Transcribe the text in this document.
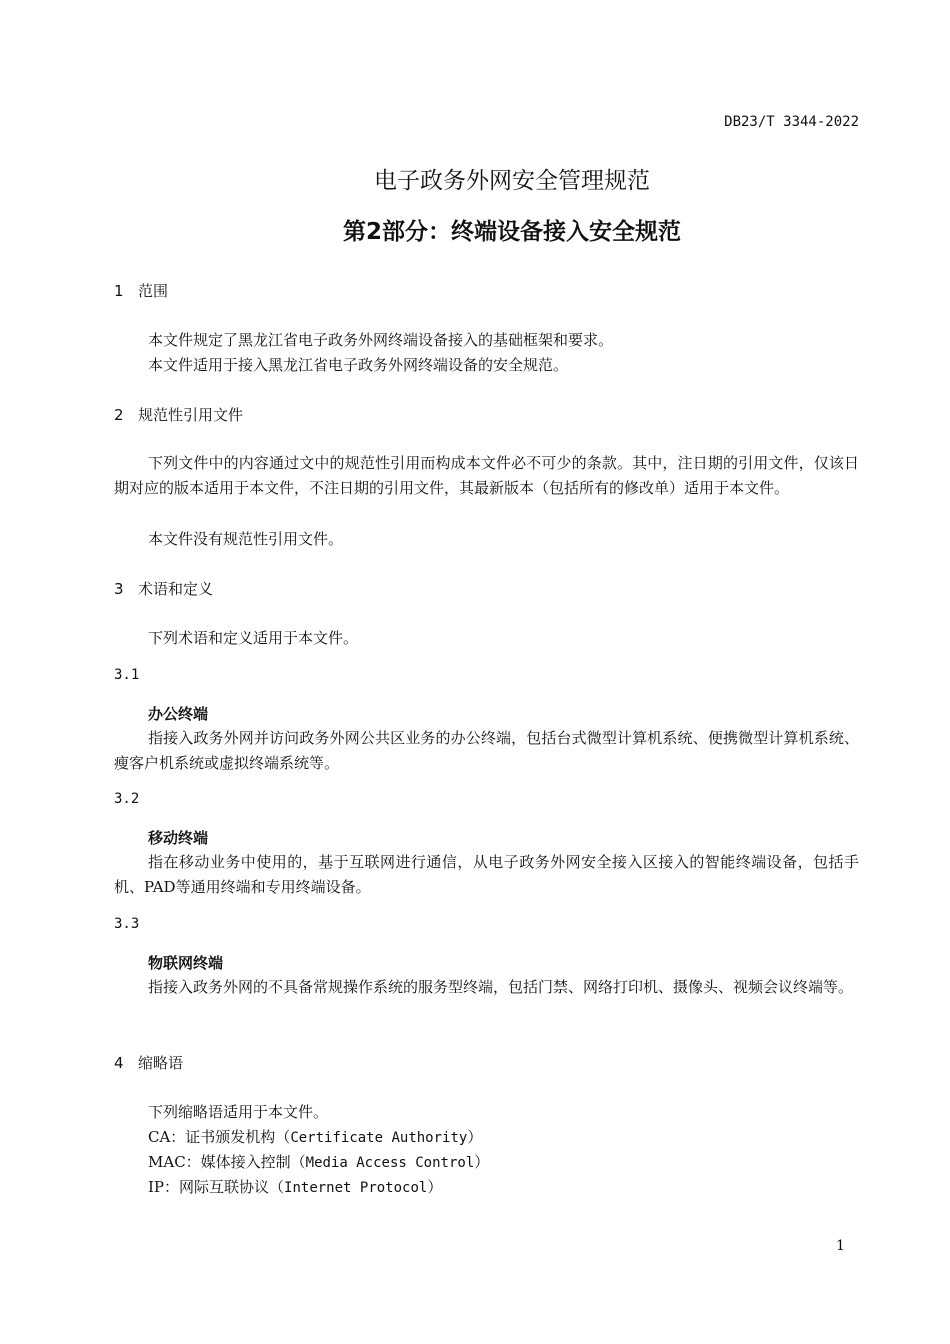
DB23/T 3344-2022
电子政务外网安全管理规范
第2部分：终端设备接入安全规范
1 范围
本文件规定了黑龙江省电子政务外网终端设备接入的基础框架和要求。
本文件适用于接入黑龙江省电子政务外网终端设备的安全规范。
2 规范性引用文件
下列文件中的内容通过文中的规范性引用而构成本文件必不可少的条款。其中，注日期的引用文件，仅该日期对应的版本适用于本文件，不注日期的引用文件，其最新版本（包括所有的修改单）适用于本文件。
本文件没有规范性引用文件。
3 术语和定义
下列术语和定义适用于本文件。
3.1
办公终端
指接入政务外网并访问政务外网公共区业务的办公终端，包括台式微型计算机系统、便携微型计算机系统、瘦客户机系统或虚拟终端系统等。
3.2
移动终端
指在移动业务中使用的，基于互联网进行通信，从电子政务外网安全接入区接入的智能终端设备，包括手机、PAD等通用终端和专用终端设备。
3.3
物联网终端
指接入政务外网的不具备常规操作系统的服务型终端，包括门禁、网络打印机、摄像头、视频会议终端等。
4 缩略语
下列缩略语适用于本文件。
CA：证书颁发机构（Certificate Authority）
MAC：媒体接入控制（Media Access Control）
IP：网际互联协议（Internet Protocol）
1
